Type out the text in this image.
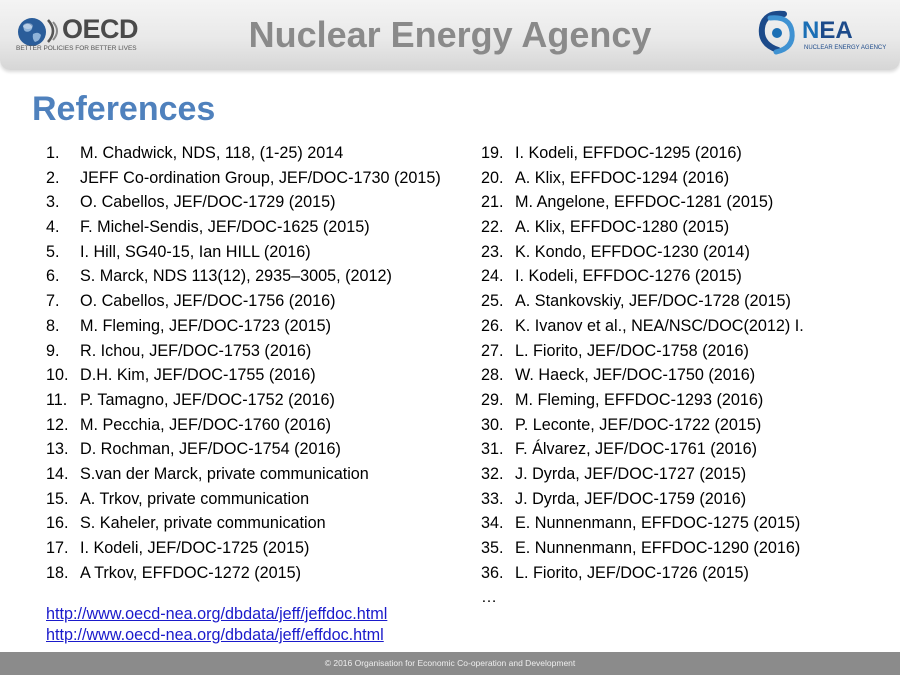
OECD
BETTER POLICIES FOR BETTER LIVES	Nuclear Energy Agency	NEA
NUCLEAR ENERGY AGENCY
References
1. M. Chadwick, NDS, 118, (1-25) 2014
2. JEFF Co-ordination Group, JEF/DOC-1730 (2015)
3. O. Cabellos, JEF/DOC-1729 (2015)
4. F. Michel-Sendis, JEF/DOC-1625 (2015)
5. I. Hill, SG40-15, Ian HILL (2016)
6. S. Marck, NDS 113(12), 2935–3005, (2012)
7. O. Cabellos, JEF/DOC-1756 (2016)
8. M. Fleming, JEF/DOC-1723 (2015)
9. R. Ichou, JEF/DOC-1753 (2016)
10. D.H. Kim, JEF/DOC-1755 (2016)
11. P. Tamagno, JEF/DOC-1752 (2016)
12. M. Pecchia, JEF/DOC-1760 (2016)
13. D. Rochman, JEF/DOC-1754 (2016)
14. S.van der Marck, private communication
15. A. Trkov, private communication
16. S. Kaheler, private communication
17. I. Kodeli, JEF/DOC-1725 (2015)
18. A Trkov, EFFDOC-1272 (2015)
19. I. Kodeli, EFFDOC-1295 (2016)
20. A. Klix, EFFDOC-1294 (2016)
21. M. Angelone, EFFDOC-1281 (2015)
22. A. Klix, EFFDOC-1280 (2015)
23. K. Kondo, EFFDOC-1230 (2014)
24. I. Kodeli, EFFDOC-1276 (2015)
25. A. Stankovskiy, JEF/DOC-1728 (2015)
26. K. Ivanov et al., NEA/NSC/DOC(2012) I.
27. L. Fiorito, JEF/DOC-1758 (2016)
28. W. Haeck, JEF/DOC-1750 (2016)
29. M. Fleming, EFFDOC-1293 (2016)
30. P. Leconte, JEF/DOC-1722 (2015)
31. F. Álvarez, JEF/DOC-1761 (2016)
32. J. Dyrda, JEF/DOC-1727 (2015)
33. J. Dyrda, JEF/DOC-1759 (2016)
34. E. Nunnenmann, EFFDOC-1275 (2015)
35. E. Nunnenmann, EFFDOC-1290 (2016)
36. L. Fiorito, JEF/DOC-1726 (2015)
…
http://www.oecd-nea.org/dbdata/jeff/jeffdoc.html
http://www.oecd-nea.org/dbdata/jeff/effdoc.html
© 2016 Organisation for Economic Co-operation and Development
